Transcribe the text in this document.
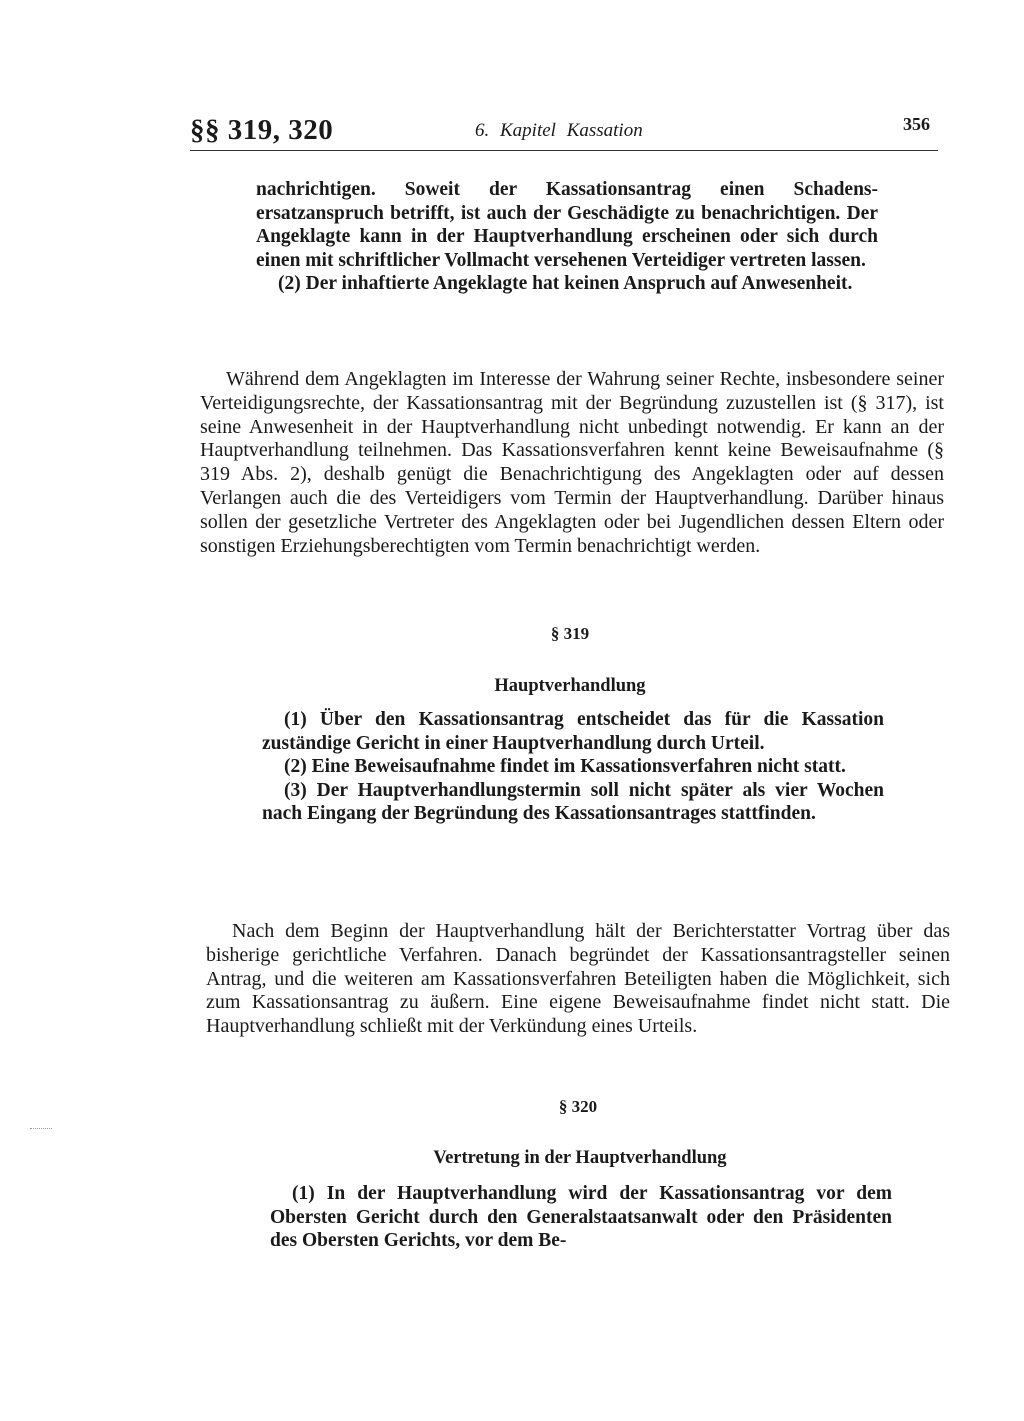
§§ 319, 320	6. Kapitel Kassation	356

nachrichtigen. Soweit der Kassationsantrag einen Schadens-ersatzanspruch betrifft, ist auch der Geschädigte zu benachrichtigen. Der Angeklagte kann in der Hauptverhandlung erscheinen oder sich durch einen mit schriftlicher Vollmacht versehenen Verteidiger vertreten lassen.

(2) Der inhaftierte Angeklagte hat keinen Anspruch auf Anwesenheit.

Während dem Angeklagten im Interesse der Wahrung seiner Rechte, insbesondere seiner Verteidigungsrechte, der Kassationsantrag mit der Begründung zuzustellen ist (§ 317), ist seine Anwesenheit in der Hauptverhandlung nicht unbedingt notwendig. Er kann an der Hauptverhandlung teilnehmen. Das Kassationsverfahren kennt keine Beweisaufnahme (§ 319 Abs. 2), deshalb genügt die Benachrichtigung des Angeklagten oder auf dessen Verlangen auch die des Verteidigers vom Termin der Hauptverhandlung. Darüber hinaus sollen der gesetzliche Vertreter des Angeklagten oder bei Jugendlichen dessen Eltern oder sonstigen Erziehungsberechtigten vom Termin benachrichtigt werden.

§ 319
Hauptverhandlung

(1) Über den Kassationsantrag entscheidet das für die Kassation zuständige Gericht in einer Hauptverhandlung durch Urteil.

(2) Eine Beweisaufnahme findet im Kassationsverfahren nicht statt.

(3) Der Hauptverhandlungstermin soll nicht später als vier Wochen nach Eingang der Begründung des Kassationsantrages stattfinden.

Nach dem Beginn der Hauptverhandlung hält der Berichterstatter Vortrag über das bisherige gerichtliche Verfahren. Danach begründet der Kassationsantragsteller seinen Antrag, und die weiteren am Kassationsverfahren Beteiligten haben die Möglichkeit, sich zum Kassationsantrag zu äußern. Eine eigene Beweisaufnahme findet nicht statt. Die Hauptverhandlung schließt mit der Verkündung eines Urteils.

§ 320
Vertretung in der Hauptverhandlung

(1) In der Hauptverhandlung wird der Kassationsantrag vor dem Obersten Gericht durch den Generalstaatsanwalt oder den Präsidenten des Obersten Gerichts, vor dem Be-
